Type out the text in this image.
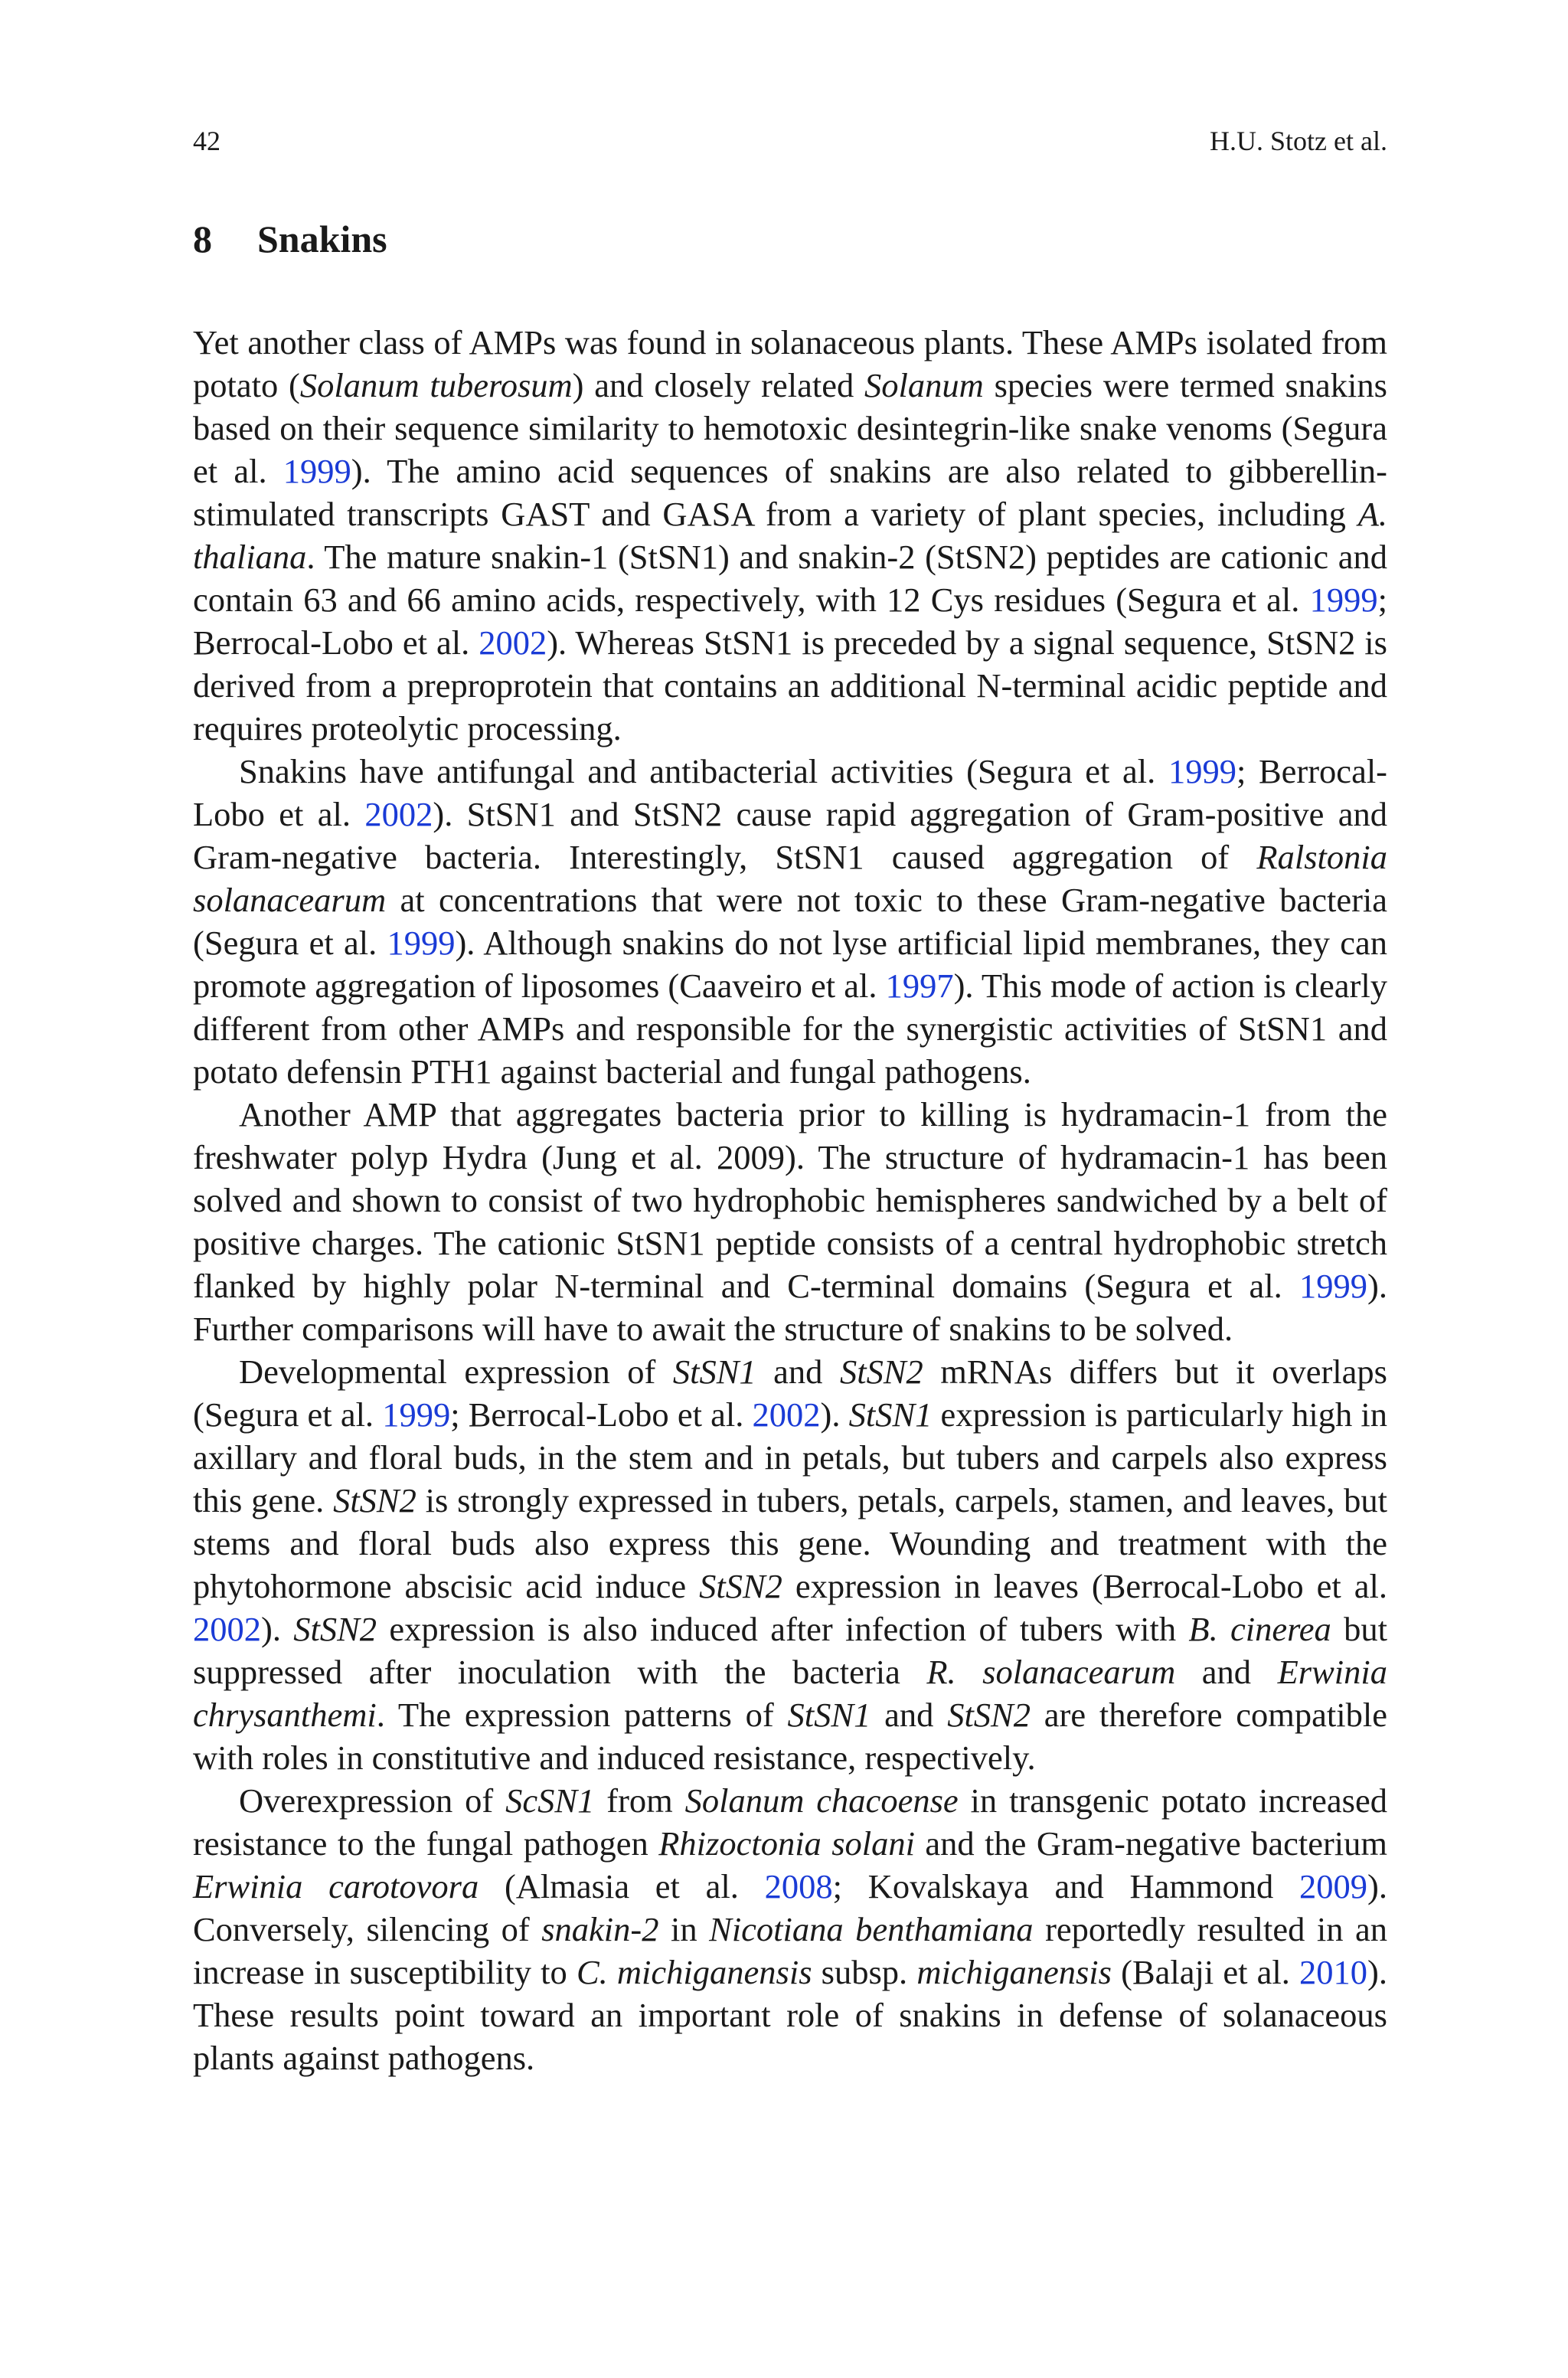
42	H.U. Stotz et al.
8 Snakins

Yet another class of AMPs was found in solanaceous plants. These AMPs isolated from potato (Solanum tuberosum) and closely related Solanum species were termed snakins based on their sequence similarity to hemotoxic desintegrin-like snake venoms (Segura et al. 1999). The amino acid sequences of snakins are also related to gibberellin-stimulated transcripts GAST and GASA from a variety of plant species, including A. thaliana. The mature snakin-1 (StSN1) and snakin-2 (StSN2) peptides are cationic and contain 63 and 66 amino acids, respectively, with 12 Cys residues (Segura et al. 1999; Berrocal-Lobo et al. 2002). Whereas StSN1 is preceded by a signal sequence, StSN2 is derived from a preproprotein that contains an additional N-terminal acidic peptide and requires proteolytic processing.

Snakins have antifungal and antibacterial activities (Segura et al. 1999; Berrocal-Lobo et al. 2002). StSN1 and StSN2 cause rapid aggregation of Gram-positive and Gram-negative bacteria. Interestingly, StSN1 caused aggregation of Ralstonia solanacearum at concentrations that were not toxic to these Gram-negative bacteria (Segura et al. 1999). Although snakins do not lyse artificial lipid membranes, they can promote aggregation of liposomes (Caaveiro et al. 1997). This mode of action is clearly different from other AMPs and responsible for the synergistic activities of StSN1 and potato defensin PTH1 against bacterial and fungal pathogens.

Another AMP that aggregates bacteria prior to killing is hydramacin-1 from the freshwater polyp Hydra (Jung et al. 2009). The structure of hydramacin-1 has been solved and shown to consist of two hydrophobic hemispheres sandwiched by a belt of positive charges. The cationic StSN1 peptide consists of a central hydrophobic stretch flanked by highly polar N-terminal and C-terminal domains (Segura et al. 1999). Further comparisons will have to await the structure of snakins to be solved.

Developmental expression of StSN1 and StSN2 mRNAs differs but it overlaps (Segura et al. 1999; Berrocal-Lobo et al. 2002). StSN1 expression is particularly high in axillary and floral buds, in the stem and in petals, but tubers and carpels also express this gene. StSN2 is strongly expressed in tubers, petals, carpels, stamen, and leaves, but stems and floral buds also express this gene. Wounding and treatment with the phytohormone abscisic acid induce StSN2 expression in leaves (Berrocal-Lobo et al. 2002). StSN2 expression is also induced after infection of tubers with B. cinerea but suppressed after inoculation with the bacteria R. solanacearum and Erwinia chrysanthemi. The expression patterns of StSN1 and StSN2 are therefore compatible with roles in constitutive and induced resistance, respectively.

Overexpression of ScSN1 from Solanum chacoense in transgenic potato increased resistance to the fungal pathogen Rhizoctonia solani and the Gram-negative bacterium Erwinia carotovora (Almasia et al. 2008; Kovalskaya and Hammond 2009). Conversely, silencing of snakin-2 in Nicotiana benthamiana reportedly resulted in an increase in susceptibility to C. michiganensis subsp. michiganensis (Balaji et al. 2010). These results point toward an important role of snakins in defense of solanaceous plants against pathogens.
